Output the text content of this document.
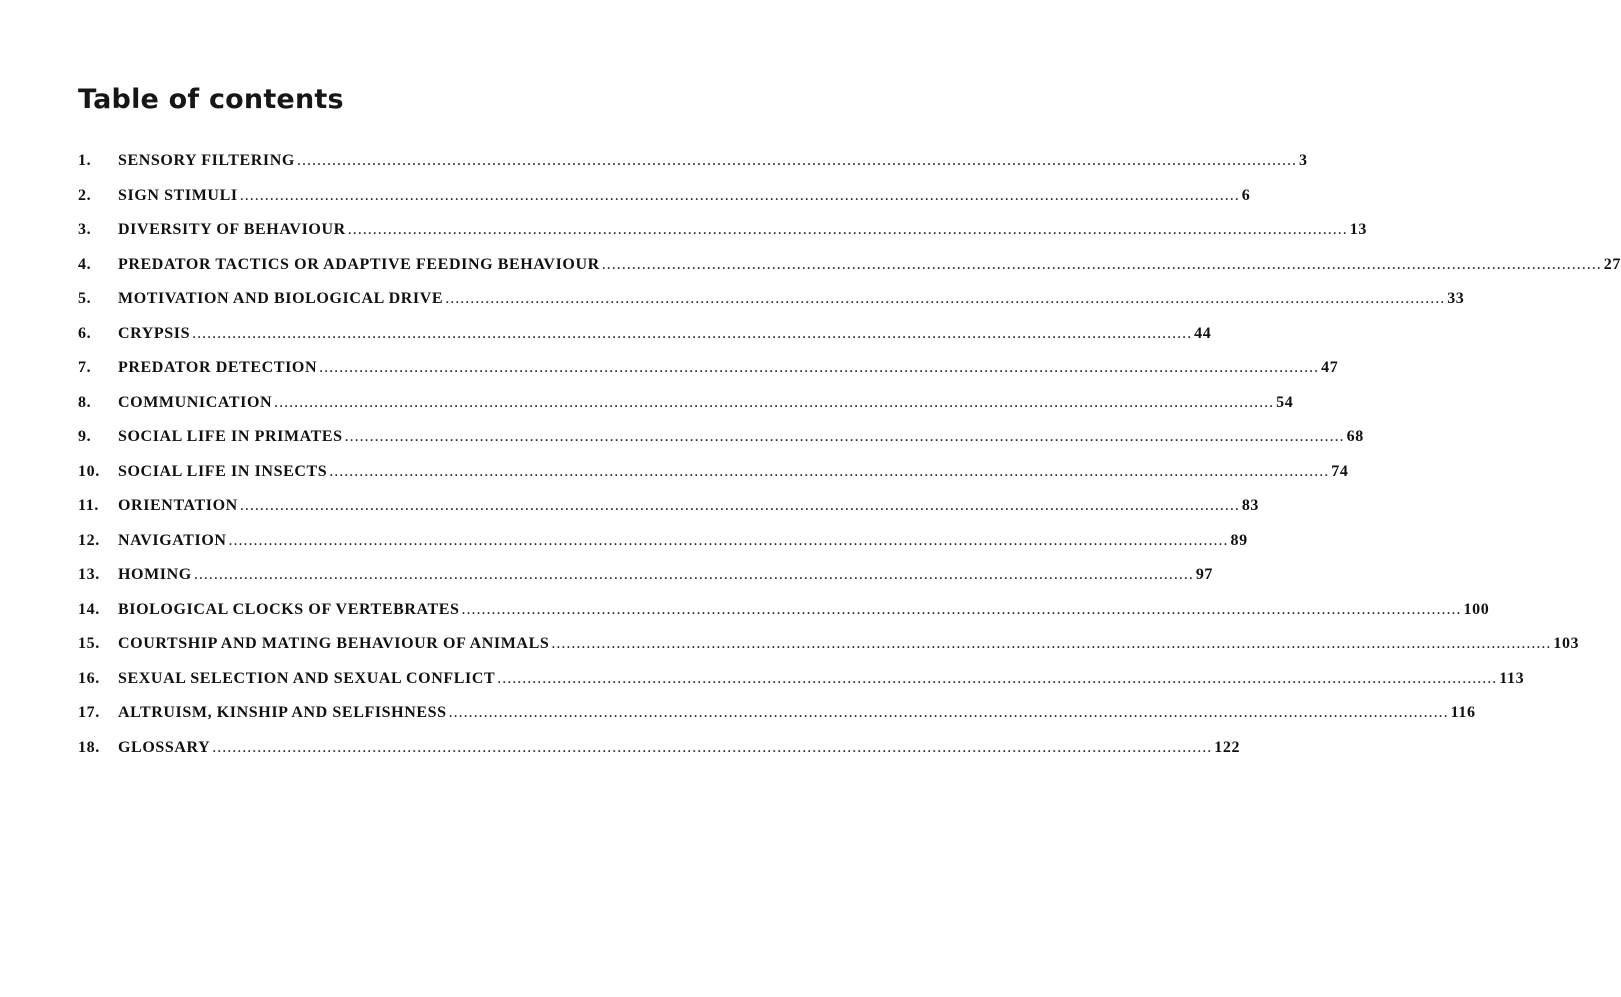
Table of contents
1.	SENSORY FILTERING ........................................................................................................................................................................................................ 3
2.	SIGN STIMULI ........................................................................................................................................................................................................ 6
3.	DIVERSITY OF BEHAVIOUR ........................................................................................................................................................................................................ 13
4.	PREDATOR TACTICS OR ADAPTIVE FEEDING BEHAVIOUR ........................................................................................................................................................................................................ 27
5.	MOTIVATION AND BIOLOGICAL DRIVE ........................................................................................................................................................................................................ 33
6.	CRYPSIS ........................................................................................................................................................................................................ 44
7.	PREDATOR DETECTION ........................................................................................................................................................................................................ 47
8.	COMMUNICATION ........................................................................................................................................................................................................ 54
9.	SOCIAL LIFE IN PRIMATES ........................................................................................................................................................................................................ 68
10.	SOCIAL LIFE IN INSECTS ........................................................................................................................................................................................................ 74
11.	ORIENTATION ........................................................................................................................................................................................................ 83
12.	NAVIGATION ........................................................................................................................................................................................................ 89
13.	HOMING ........................................................................................................................................................................................................ 97
14.	BIOLOGICAL CLOCKS OF VERTEBRATES ........................................................................................................................................................................................................ 100
15.	COURTSHIP AND MATING BEHAVIOUR OF ANIMALS ........................................................................................................................................................................................................ 103
16.	SEXUAL SELECTION AND SEXUAL CONFLICT ........................................................................................................................................................................................................ 113
17.	ALTRUISM, KINSHIP AND SELFISHNESS ........................................................................................................................................................................................................ 116
18.	GLOSSARY ........................................................................................................................................................................................................ 122
